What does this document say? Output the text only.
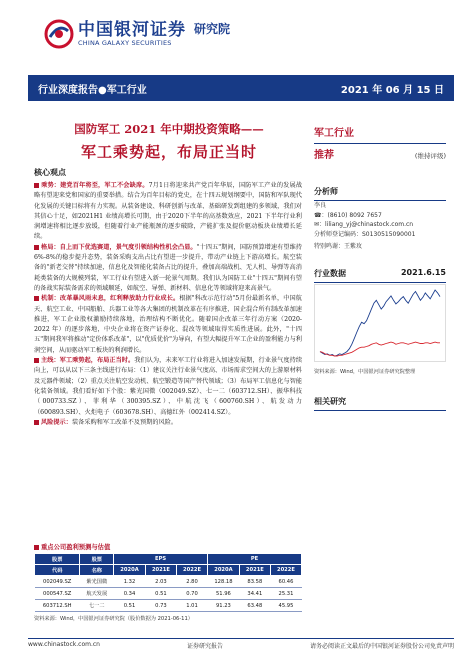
中国银河证券
CHINA GALAXY SECURITIES
研究院
行业深度报告●军工行业	2021 年 06 月 15 日
国防军工 2021 年中期投资策略——
军工乘势起，布局正当时
核心观点

乘势：建党百年将至，军工不会缺席。7月1日将迎来共产党百年华辰，国防军工产业的发展战略有望迎来党和国家的重要举措。结合为百年目标的党史，在十四五规划纲要中，国防和军队现代化发展的关键目标将有力实现。从装备建设、科研创新与改革、基础研发到组建的多领域，我们对其信心十足，如2021H1 业绩高增长可期，由于2020下半年的高基数效应，2021 下半年行业利润增速将相比逐步放缓，但随着行业产能瓶颈的逐步破除，产能扩张及提价驱动板块业绩增长延续。

格局：自上而下优选赛道，景气度引领结构性机会凸显。"十四五"期间，国防预算增速有望维持 6%-8%的稳步提升态势，装备采购支出占比有望进一步提升，带动产业链上下游高增长。航空装备的"新老交替"持续加速，信息化及智能化装备占比的提升，叠加高端战机、无人机、导弹等高消耗类装备的大规模列装，军工行业有望进入新一轮景气周期。我们认为国防工业"十四五"期间有望的备战实际装备需求的领域顺延，如航空、导弹、新材料、信息化等领域将迎来高景气。

机制：改革暴风雨未息，红利释放助力行业成长。根据"科改示范行动"5月份最新名单，中国航天、航空工业、中国船舶、兵器工业等各大集团的机制改革在有序推进，国企混合所有制改革加速推进，军工企业股权激励持续落地，治理结构不断优化。随着国企改革三年行动方案（2020-2022 年）的逐步落地，中央企业将在资产证券化、混改等领域取得实质性进展。此外，"十四五"期间我军将推动"定价体系改革"，以"优质优价"为导向，有望大幅提升军工企业的盈利能力与利润空间，从而驱动军工板块的利润增长。

主线：军工乘势起，布局正当时。我们认为，未来军工行业将进入加速发展期，行业景气度持续向上，可以从以下三条主线进行布局：（1）建议关注行业景气度高、市场需求空间大的上游原材料及元器件领域；（2）重点关注航空发动机、航空锻造等国产替代领域；（3）布局军工信息化与智能化装备领域。我们看好如下个股：紫光国微（002049.SZ）、七一二（603712.SH）、振华科技（000733.SZ）、菲利华（300395.SZ）、中航沈飞（600760.SH）、航发动力（600893.SH）、火炬电子（603678.SH）、高德红外（002414.SZ）。

风险提示：装备采购和军工改革不及预期的风险。

军工行业
推荐	(维持评级)
分析师
李良
☎：(8610) 8092 7657
✉：liliang_yj@chinastock.com.cn
分析师登记编码：S0130515090001
特别鸣谢：王紫玫
行业数据	2021.6.15
资料来源：Wind，中国银河证券研究院整理
相关研究
重点公司盈利预测与估值
股票	股票	EPS			PE		
代码	名称	2020A	2021E	2022E	2020A	2021E	2022E
002049.SZ	紫光国微	1.32	2.03	2.80	128.18	83.58	60.46
000547.SZ	航天发展	0.34	0.51	0.70	51.96	34.41	25.31
603712.SH	七一二	0.51	0.73	1.01	91.23	63.48	45.95
资料来源：Wind，中国银河证券研究院（股价数据为 2021-06-11）
www.chinastock.com.cn	证券研究报告	请务必阅读正文最后的中国银河证券股份公司免责声明
